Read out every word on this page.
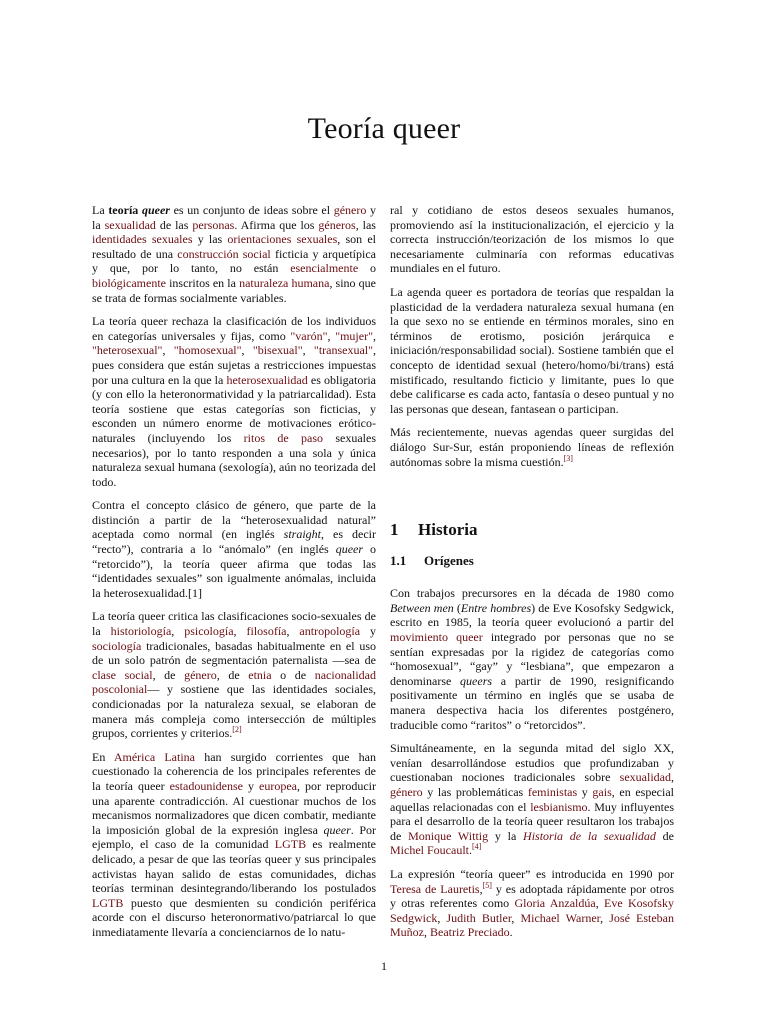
Teoría queer

La teoría queer es un conjunto de ideas sobre el género y la sexualidad de las personas. Afirma que los géneros, las identidades sexuales y las orientaciones sexuales, son el resultado de una construcción social ficticia y arquetípica y que, por lo tanto, no están esencialmente o biológicamente inscritos en la naturaleza humana, sino que se trata de formas socialmente variables.

La teoría queer rechaza la clasificación de los individuos en categorías universales y fijas, como "varón", "mujer", "heterosexual", "homosexual", "bisexual", "transexual", pues considera que están sujetas a restricciones impuestas por una cultura en la que la heterosexualidad es obligatoria (y con ello la heteronormatividad y la patriarcalidad). Esta teoría sostiene que estas categorías son ficticias, y esconden un número enorme de motivaciones erótico-naturales (incluyendo los ritos de paso sexuales necesarios), por lo tanto responden a una sola y única naturaleza sexual humana (sexología), aún no teorizada del todo.

Contra el concepto clásico de género, que parte de la distinción a partir de la “heterosexualidad natural” aceptada como normal (en inglés straight, es decir “recto”), contraria a lo “anómalo” (en inglés queer o “retorcido”), la teoría queer afirma que todas las “identidades sexuales” son igualmente anómalas, incluida la heterosexualidad.[1]

La teoría queer critica las clasificaciones socio-sexuales de la historiología, psicología, filosofía, antropología y sociología tradicionales, basadas habitualmente en el uso de un solo patrón de segmentación paternalista —sea de clase social, de género, de etnia o de nacionalidad poscolonial— y sostiene que las identidades sociales, condicionadas por la naturaleza sexual, se elaboran de manera más compleja como intersección de múltiples grupos, corrientes y criterios.[2]

En América Latina han surgido corrientes que han cuestionado la coherencia de los principales referentes de la teoría queer estadounidense y europea, por reproducir una aparente contradicción. Al cuestionar muchos de los mecanismos normalizadores que dicen combatir, mediante la imposición global de la expresión inglesa queer. Por ejemplo, el caso de la comunidad LGTB es realmente delicado, a pesar de que las teorías queer y sus principales activistas hayan salido de estas comunidades, dichas teorías terminan desintegrando/liberando los postulados LGTB puesto que desmienten su condición periférica acorde con el discurso heteronormativo/patriarcal lo que inmediatamente llevaría a concienciarnos de lo natu-

ral y cotidiano de estos deseos sexuales humanos, promoviendo así la institucionalización, el ejercicio y la correcta instrucción/teorización de los mismos lo que necesariamente culminaría con reformas educativas mundiales en el futuro.

La agenda queer es portadora de teorías que respaldan la plasticidad de la verdadera naturaleza sexual humana (en la que sexo no se entiende en términos morales, sino en términos de erotismo, posición jerárquica e iniciación/responsabilidad social). Sostiene también que el concepto de identidad sexual (hetero/homo/bi/trans) está mistificado, resultando ficticio y limitante, pues lo que debe calificarse es cada acto, fantasía o deseo puntual y no las personas que desean, fantasean o participan.

Más recientemente, nuevas agendas queer surgidas del diálogo Sur-Sur, están proponiendo líneas de reflexión autónomas sobre la misma cuestión.[3]

1 Historia
1.1 Orígenes

Con trabajos precursores en la década de 1980 como Between men (Entre hombres) de Eve Kosofsky Sedgwick, escrito en 1985, la teoría queer evolucionó a partir del movimiento queer integrado por personas que no se sentían expresadas por la rigidez de categorías como “homosexual”, “gay” y “lesbiana”, que empezaron a denominarse queers a partir de 1990, resignificando positivamente un término en inglés que se usaba de manera despectiva hacia los diferentes postgénero, traducible como “raritos” o “retorcidos”.

Simultáneamente, en la segunda mitad del siglo XX, venían desarrollándose estudios que profundizaban y cuestionaban nociones tradicionales sobre sexualidad, género y las problemáticas feministas y gais, en especial aquellas relacionadas con el lesbianismo. Muy influyentes para el desarrollo de la teoría queer resultaron los trabajos de Monique Wittig y la Historia de la sexualidad de Michel Foucault.[4]

La expresión “teoría queer” es introducida en 1990 por Teresa de Lauretis,[5] y es adoptada rápidamente por otros y otras referentes como Gloria Anzaldúa, Eve Kosofsky Sedgwick, Judith Butler, Michael Warner, José Esteban Muñoz, Beatriz Preciado.

1
